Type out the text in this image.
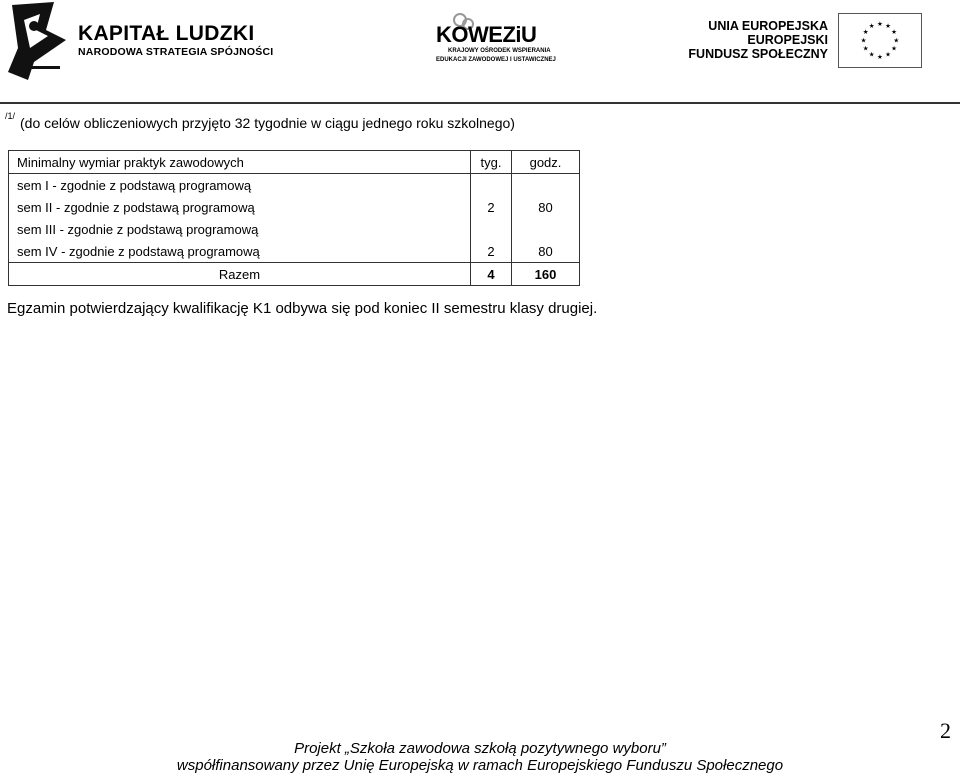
KAPITAŁ LUDZKI
NARODOWA STRATEGIA SPÓJNOŚCI
KOWEZiU
KRAJOWY OŚRODEK WSPIERANIA
EDUKACJI ZAWODOWEJ I USTAWICZNEJ
UNIA EUROPEJSKA
EUROPEJSKI
FUNDUSZ SPOŁECZNY
★ ★
★
★
★
★
★
★
★
★
★
★
/1/ (do celów obliczeniowych przyjęto 32 tygodnie w ciągu jednego roku szkolnego)
Minimalny wymiar praktyk zawodowych	tyg.	godz.
sem I - zgodnie z podstawą programową		
sem II - zgodnie z podstawą programową	2	80
sem III - zgodnie z podstawą programową		
sem IV - zgodnie z podstawą programową	2	80
Razem	4	160
Egzamin potwierdzający kwalifikację K1 odbywa się pod koniec II semestru klasy drugiej.
2
Projekt „Szkoła zawodowa szkołą pozytywnego wyboru”
współfinansowany przez Unię Europejską w ramach Europejskiego Funduszu Społecznego
